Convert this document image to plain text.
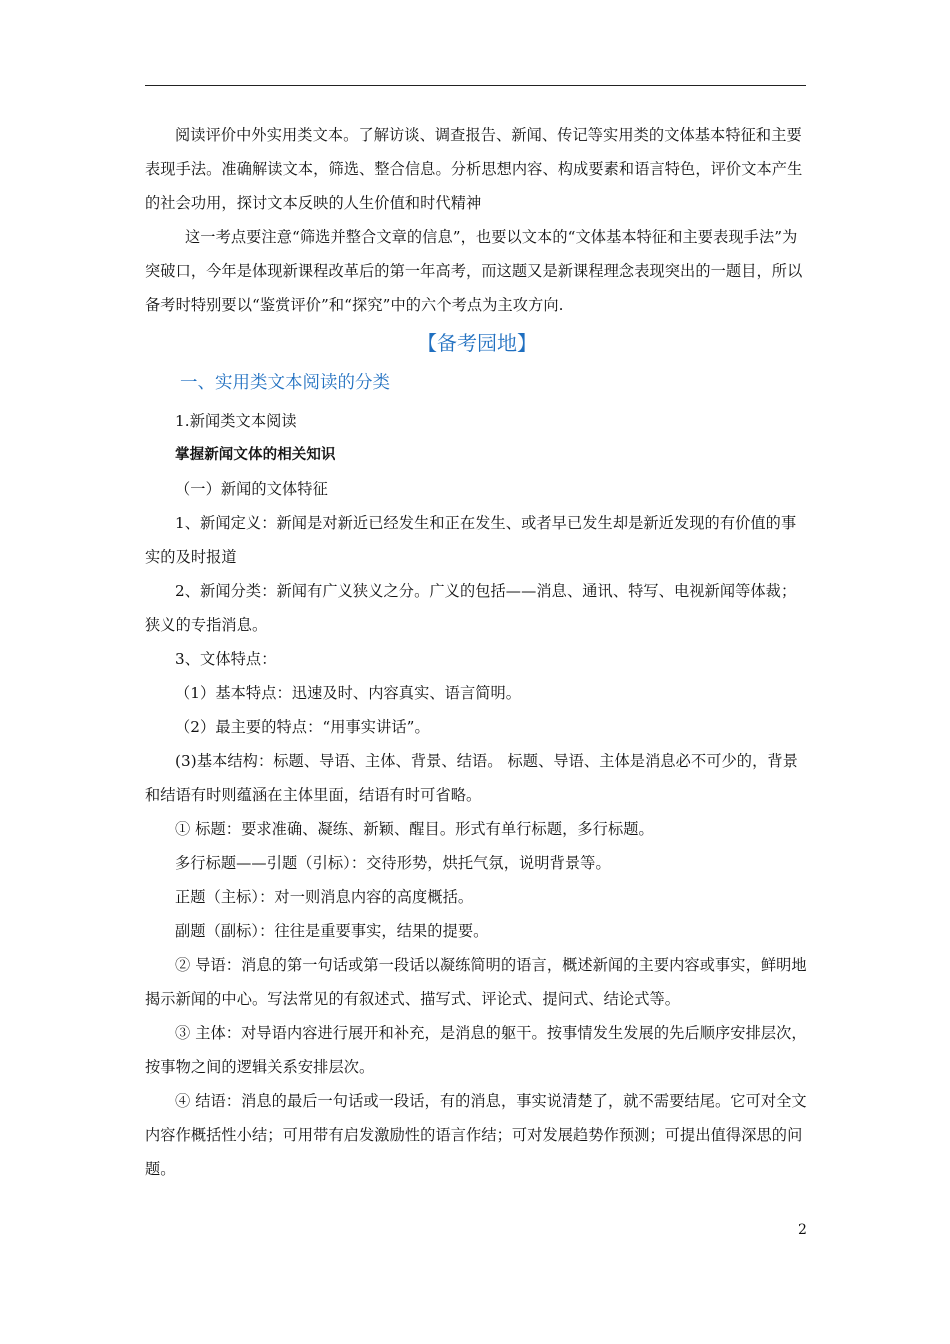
阅读评价中外实用类文本。了解访谈、调查报告、新闻、传记等实用类的文体基本特征和主要表现手法。准确解读文本，筛选、整合信息。分析思想内容、构成要素和语言特色，评价文本产生的社会功用，探讨文本反映的人生价值和时代精神

这一考点要注意“筛选并整合文章的信息”，也要以文本的“文体基本特征和主要表现手法”为突破口，今年是体现新课程改革后的第一年高考，而这题又是新课程理念表现突出的一题目，所以备考时特别要以“鉴赏评价”和“探究”中的六个考点为主攻方向.

【备考园地】
一、实用类文本阅读的分类

1.新闻类文本阅读

掌握新闻文体的相关知识

（一）新闻的文体特征

1、新闻定义：新闻是对新近已经发生和正在发生、或者早已发生却是新近发现的有价值的事实的及时报道

2、新闻分类：新闻有广义狭义之分。广义的包括——消息、通讯、特写、电视新闻等体裁；狭义的专指消息。

3、文体特点：

（1）基本特点：迅速及时、内容真实、语言简明。

（2）最主要的特点：“用事实讲话”。

(3)基本结构：标题、导语、主体、背景、结语。 标题、导语、主体是消息必不可少的，背景和结语有时则蕴涵在主体里面，结语有时可省略。

① 标题：要求准确、凝练、新颖、醒目。形式有单行标题，多行标题。

多行标题——引题（引标）：交待形势，烘托气氛，说明背景等。

正题（主标）：对一则消息内容的高度概括。

副题（副标）：往往是重要事实，结果的提要。

② 导语：消息的第一句话或第一段话以凝练简明的语言，概述新闻的主要内容或事实，鲜明地揭示新闻的中心。写法常见的有叙述式、描写式、评论式、提问式、结论式等。

③ 主体：对导语内容进行展开和补充，是消息的躯干。按事情发生发展的先后顺序安排层次，按事物之间的逻辑关系安排层次。

④ 结语：消息的最后一句话或一段话，有的消息，事实说清楚了，就不需要结尾。它可对全文内容作概括性小结；可用带有启发激励性的语言作结；可对发展趋势作预测；可提出值得深思的问题。

2
